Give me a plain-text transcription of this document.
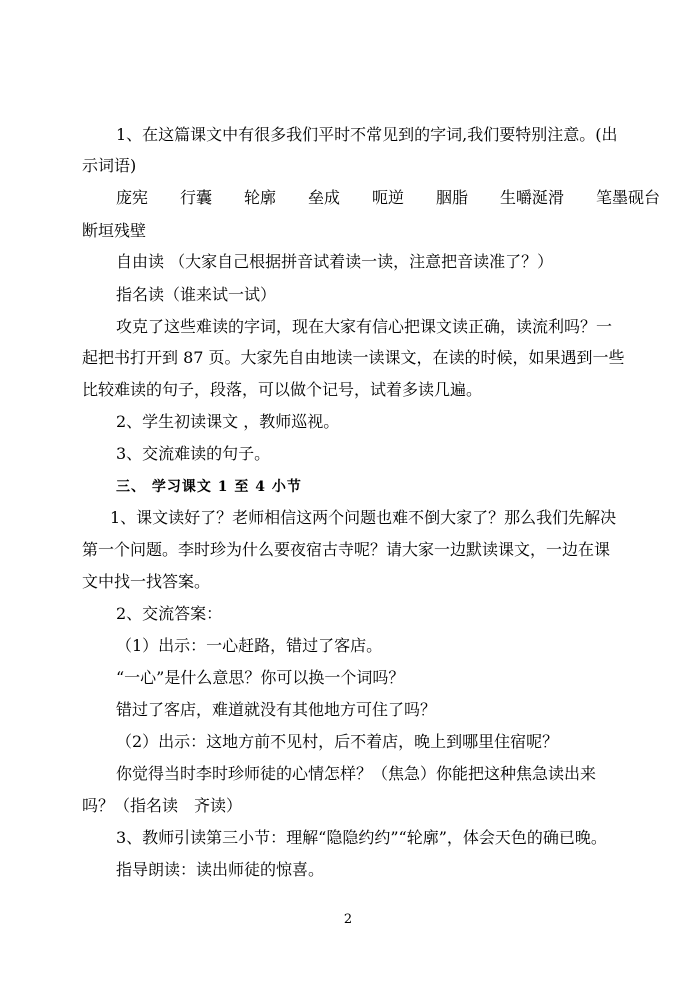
1、在这篇课文中有很多我们平时不常见到的字词,我们要特别注意。(出
示词语)
庞宪　　行囊　　轮廓　　垒成　　呃逆　　胭脂　　生嚼涎滑　　笔墨砚台
断垣残壁
自由读 （大家自己根据拼音试着读一读，注意把音读准了？）
指名读（谁来试一试）
攻克了这些难读的字词，现在大家有信心把课文读正确，读流利吗？一
起把书打开到 87 页。大家先自由地读一读课文，在读的时候，如果遇到一些
比较难读的句子，段落，可以做个记号，试着多读几遍。
2、学生初读课文 ，教师巡视。
3、交流难读的句子。
三、 学习课文 1 至 4 小节
1、课文读好了？老师相信这两个问题也难不倒大家了？那么我们先解决
第一个问题。李时珍为什么要夜宿古寺呢？请大家一边默读课文，一边在课
文中找一找答案。
2、交流答案：
（1）出示：一心赶路，错过了客店。
“一心”是什么意思？你可以换一个词吗？
错过了客店，难道就没有其他地方可住了吗？
（2）出示：这地方前不见村，后不着店，晚上到哪里住宿呢？
你觉得当时李时珍师徒的心情怎样？（焦急）你能把这种焦急读出来
吗？（指名读　齐读）
3、教师引读第三小节：理解“隐隐约约”“轮廓”，体会天色的确已晚。
指导朗读：读出师徒的惊喜。
2
